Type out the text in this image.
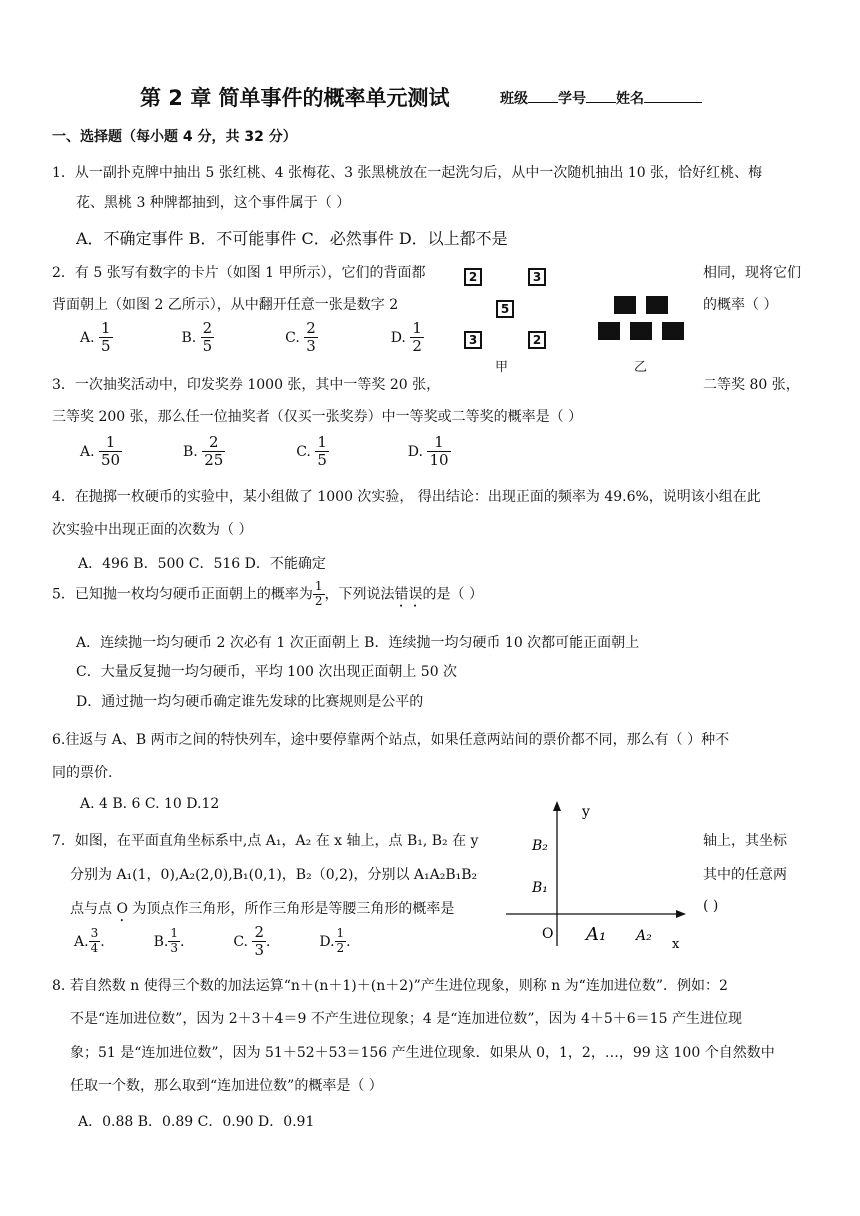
第 2 章 简单事件的概率单元测试	班级 学号 姓名
一、选择题（每小题 4 分，共 32 分）
1．从一副扑克牌中抽出 5 张红桃、4 张梅花、3 张黑桃放在一起洗匀后，从中一次随机抽出 10 张，恰好红桃、梅
花、黑桃 3 种牌都抽到，这个事件属于（ ）
A．不确定事件 B．不可能事件 C．必然事件 D．以上都不是
2．有 5 张写有数字的卡片（如图 1 甲所示），它们的背面都	相同，现将它们
背面朝上（如图 2 乙所示），从中翻开任意一张是数字 2	的概率（ ）
A. $\frac{1}{5}$	B. $\frac{2}{5}$	C. $\frac{2}{3}$	D. $\frac{1}{2}$
2	3
5
3	2
甲	乙
3．一次抽奖活动中，印发奖券 1000 张，其中一等奖 20 张，	二等奖 80 张，
三等奖 200 张，那么任一位抽奖者（仅买一张奖券）中一等奖或二等奖的概率是（ ）
A. $\frac{1}{50}$	B. $\frac{2}{25}$	C. $\frac{1}{5}$	D. $\frac{1}{10}$
4．在抛掷一枚硬币的实验中，某小组做了 1000 次实验， 得出结论：出现正面的频率为 49.6%，说明该小组在此
次实验中出现正面的次数为（ ）
A．496 B．500 C．516 D．不能确定
5．已知抛一枚均匀硬币正面朝上的概率为 $\frac{1}{2}$ ，下列说法错误的是（ ）
A．连续抛一均匀硬币 2 次必有 1 次正面朝上 B．连续抛一均匀硬币 10 次都可能正面朝上
C．大量反复抛一均匀硬币，平均 100 次出现正面朝上 50 次
D．通过抛一均匀硬币确定谁先发球的比赛规则是公平的
6.往返与 A、B 两市之间的特快列车，途中要停靠两个站点，如果任意两站间的票价都不同，那么有（ ）种不
同的票价.
A. 4 B. 6 C. 10 D.12
7．如图，在平面直角坐标系中,点 A₁，A₂ 在 x 轴上，点 B₁, B₂ 在 y	轴上，其坐标
分别为 A₁(1，0),A₂(2,0),B₁(0,1)，B₂（0,2)，分别以 A₁A₂B₁B₂	其中的任意两
点与点 O 为顶点作三角形，所作三角形是等腰三角形的概率是	( )
A. $\frac{3}{4}$ .	B. $\frac{1}{3}$ .	C. $\frac{2}{3}$ .	D. $\frac{1}{2}$ .
y
x
O A₁ A₂
B₂
B₁
8. 若自然数 n 使得三个数的加法运算“n＋(n＋1)＋(n＋2)”产生进位现象，则称 n 为“连加进位数”．例如：2
不是“连加进位数”，因为 2＋3＋4＝9 不产生进位现象；4 是“连加进位数”，因为 4＋5＋6＝15 产生进位现
象；51 是“连加进位数”，因为 51＋52＋53＝156 产生进位现象．如果从 0，1，2，…，99 这 100 个自然数中
任取一个数，那么取到“连加进位数”的概率是（ ）
A．0.88 B．0.89 C．0.90 D．0.91
